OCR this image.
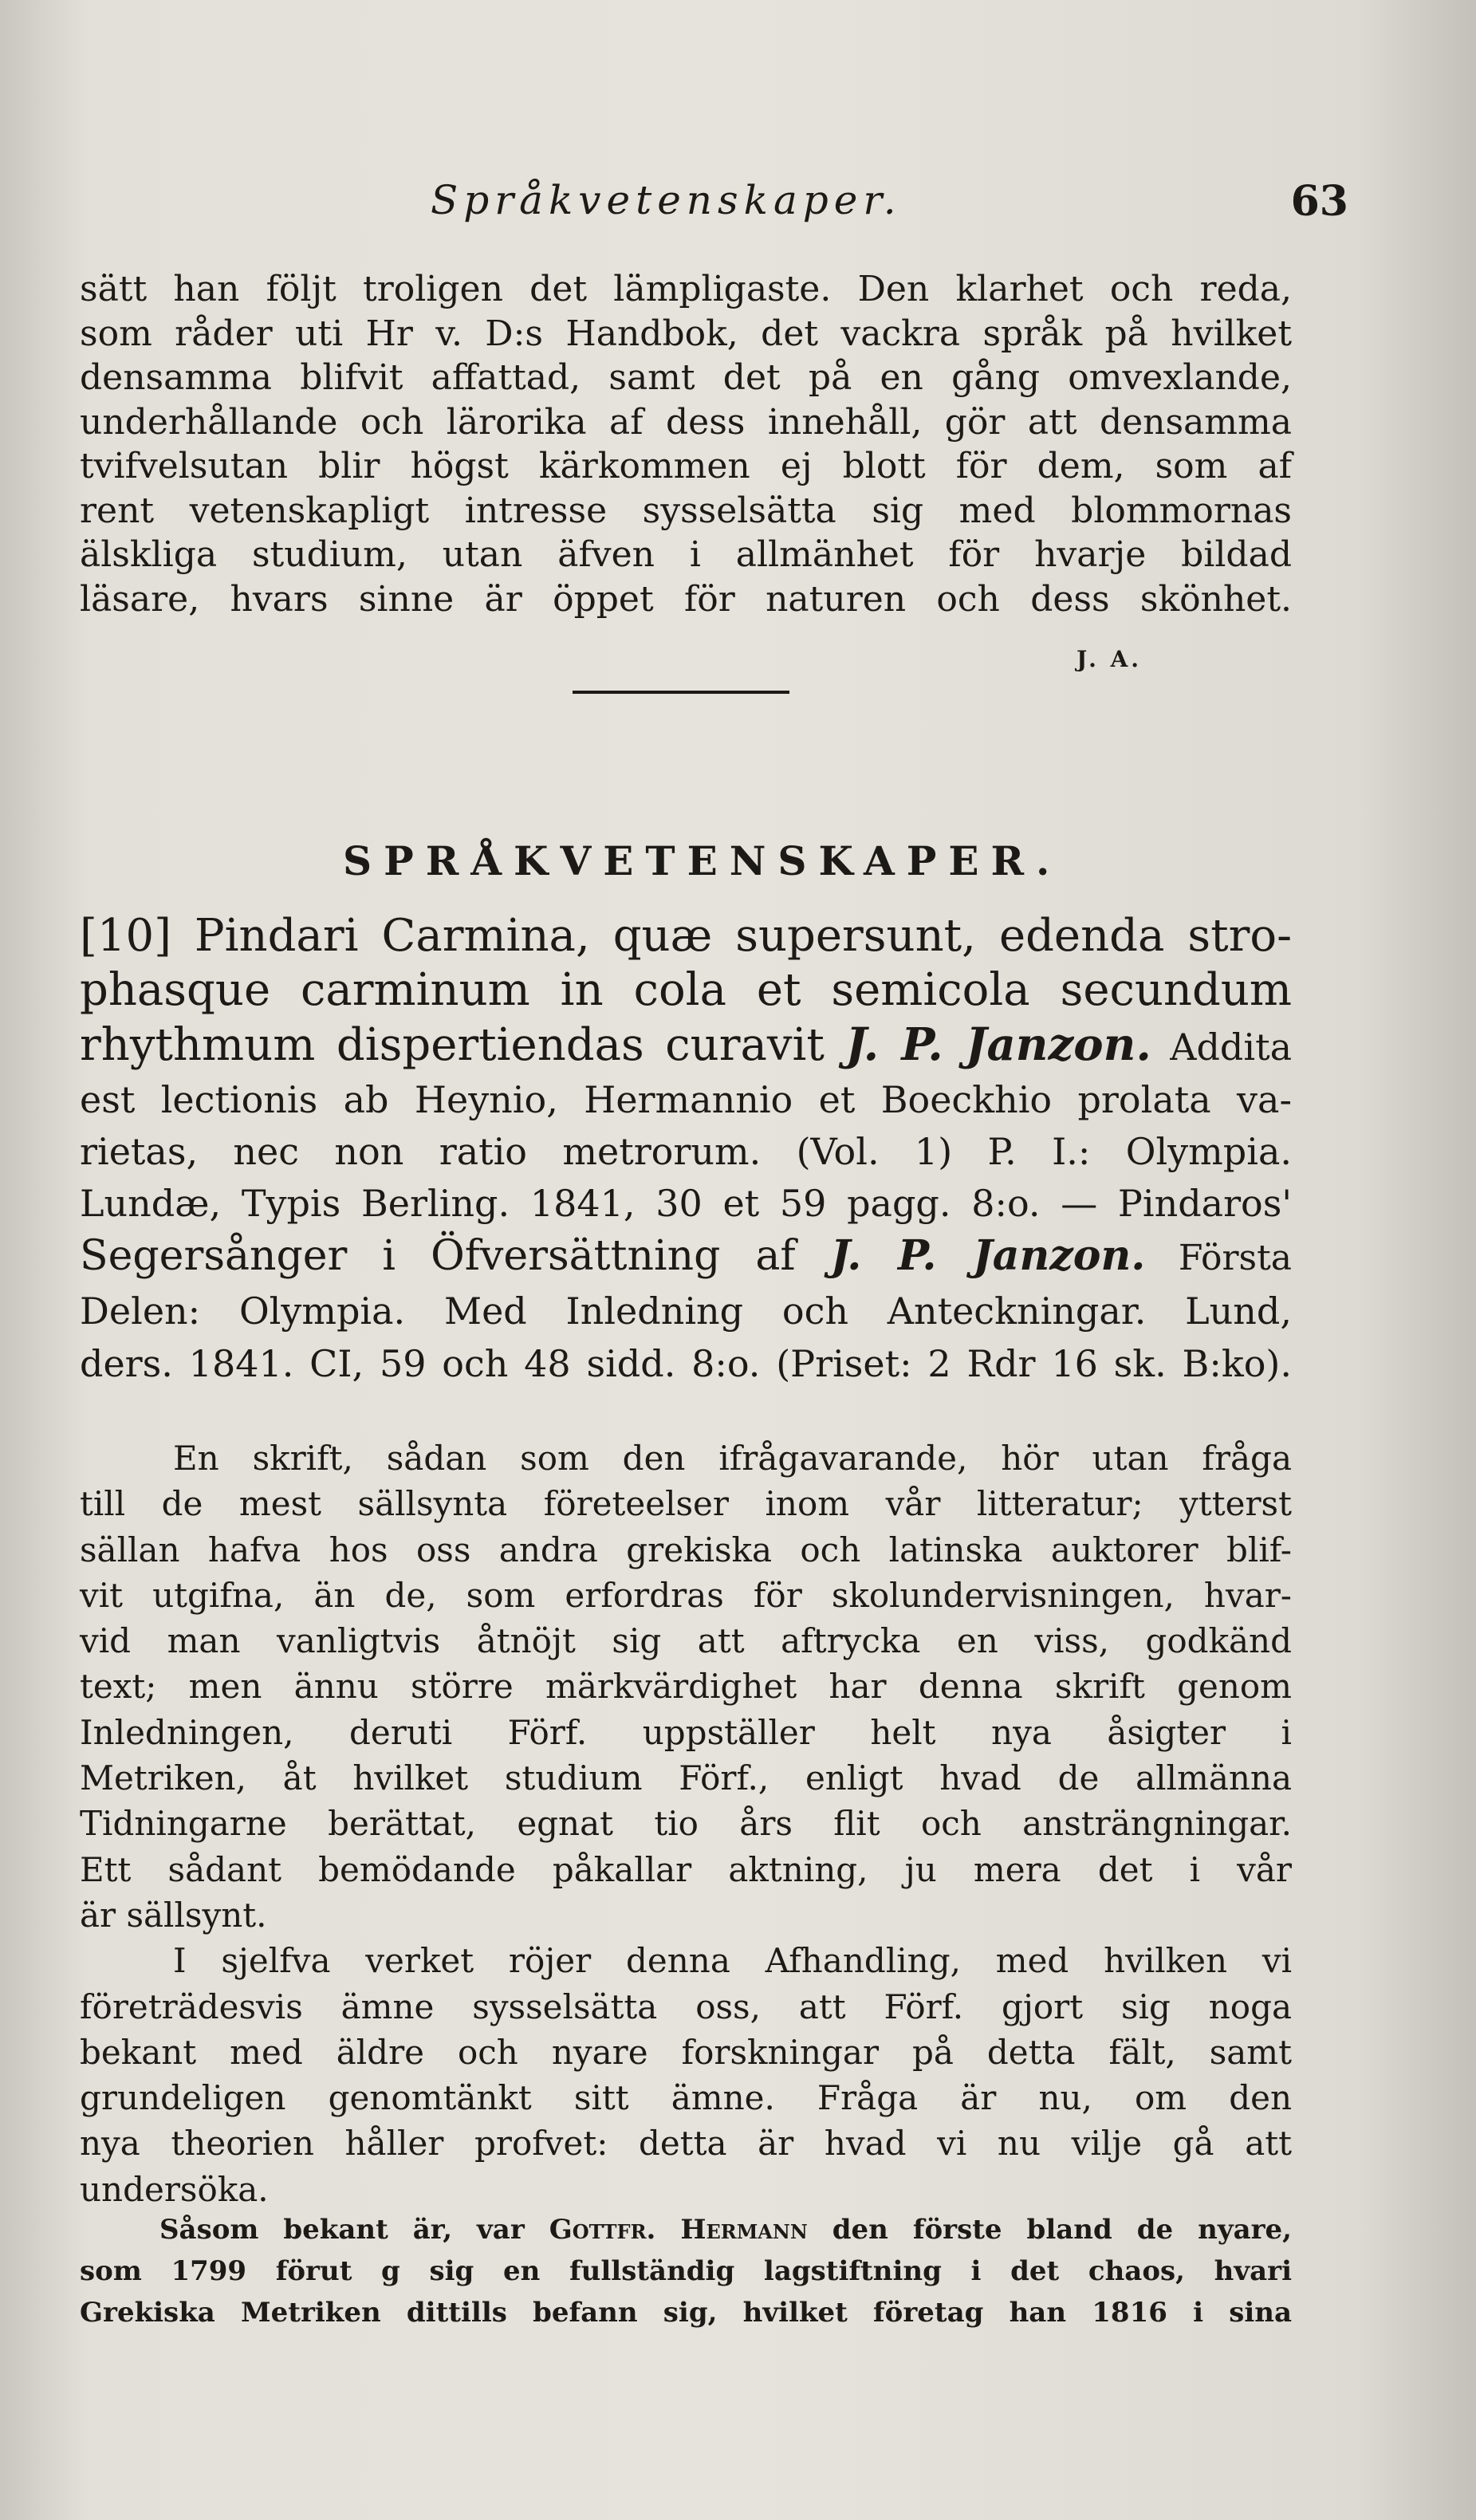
Språkvetenskaper.	63
sätt han följt troligen det lämpligaste. Den klarhet och reda,
som råder uti Hr v. D:s Handbok, det vackra språk på hvilket
densamma blifvit affattad, samt det på en gång omvexlande,
underhållande och lärorika af dess innehåll, gör att densamma
tvifvelsutan blir högst kärkommen ej blott för dem, som af
rent vetenskapligt intresse sysselsätta sig med blommornas
älskliga studium, utan äfven i allmänhet för hvarje bildad
läsare, hvars sinne är öppet för naturen och dess skönhet.
J. A.
SPRÅKVETENSKAPER.
[10] Pindari Carmina, quæ supersunt, edenda stro-
phasque carminum in cola et semicola secundum
rhythmum dispertiendas curavit J. P. Janzon. Addita
est lectionis ab Heynio, Hermannio et Boeckhio prolata va-
rietas, nec non ratio metrorum. (Vol. 1) P. I.: Olympia.
Lundæ, Typis Berling. 1841, 30 et 59 pagg. 8:o. — Pindaros'
Segersånger i Öfversättning af J. P. Janzon. Första
Delen: Olympia. Med Inledning och Anteckningar. Lund,
ders. 1841. CI, 59 och 48 sidd. 8:o. (Priset: 2 Rdr 16 sk. B:ko).
En skrift, sådan som den ifrågavarande, hör utan fråga
till de mest sällsynta företeelser inom vår litteratur; ytterst
sällan hafva hos oss andra grekiska och latinska auktorer blif-
vit utgifna, än de, som erfordras för skolundervisningen, hvar-
vid man vanligtvis åtnöjt sig att aftrycka en viss, godkänd
text; men ännu större märkvärdighet har denna skrift genom
Inledningen, deruti Förf. uppställer helt nya åsigter i
Metriken, åt hvilket studium Förf., enligt hvad de allmänna
Tidningarne berättat, egnat tio års flit och ansträngningar.
Ett sådant bemödande påkallar aktning, ju mera det i vår
är sällsynt.
I sjelfva verket röjer denna Afhandling, med hvilken vi
företrädesvis ämne sysselsätta oss, att Förf. gjort sig noga
bekant med äldre och nyare forskningar på detta fält, samt
grundeligen genomtänkt sitt ämne. Fråga är nu, om den
nya theorien håller profvet: detta är hvad vi nu vilje gå att
undersöka.
Såsom bekant är, var Gottfr. Hermann den förste bland de nyare,
som 1799 förut g sig en fullständig lagstiftning i det chaos, hvari
Grekiska Metriken dittills befann sig, hvilket företag han 1816 i sina
